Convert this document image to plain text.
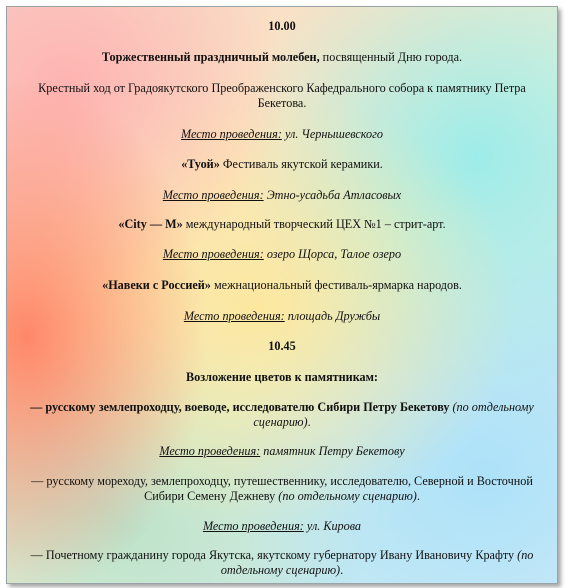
10.00

Торжественный праздничный молебен, посвященный Дню города.

Крестный ход от Градоякутского Преображенского Кафедрального собора к памятнику Петра

Бекетова.

Место проведения: ул. Чернышевского

«Туой» Фестиваль якутской керамики.

Место проведения: Этно-усадьба Атласовых

«City — M» международный творческий ЦЕХ №1 – стрит-арт.

Место проведения: озеро Щорса, Талое озеро

«Навеки с Россией» межнациональный фестиваль-ярмарка народов.

Место проведения: площадь Дружбы

10.45

Возложение цветов к памятникам:

— русскому землепроходцу, воеводе, исследователю Сибири Петру Бекетову (по отдельному

сценарию).

Место проведения: памятник Петру Бекетову

— русскому мореходу, землепроходцу, путешественнику, исследователю, Северной и Восточной

Сибири Семену Дежневу (по отдельному сценарию).

Место проведения: ул. Кирова

— Почетному гражданину города Якутска, якутскому губернатору Ивану Ивановичу Крафту (по

отдельному сценарию).
